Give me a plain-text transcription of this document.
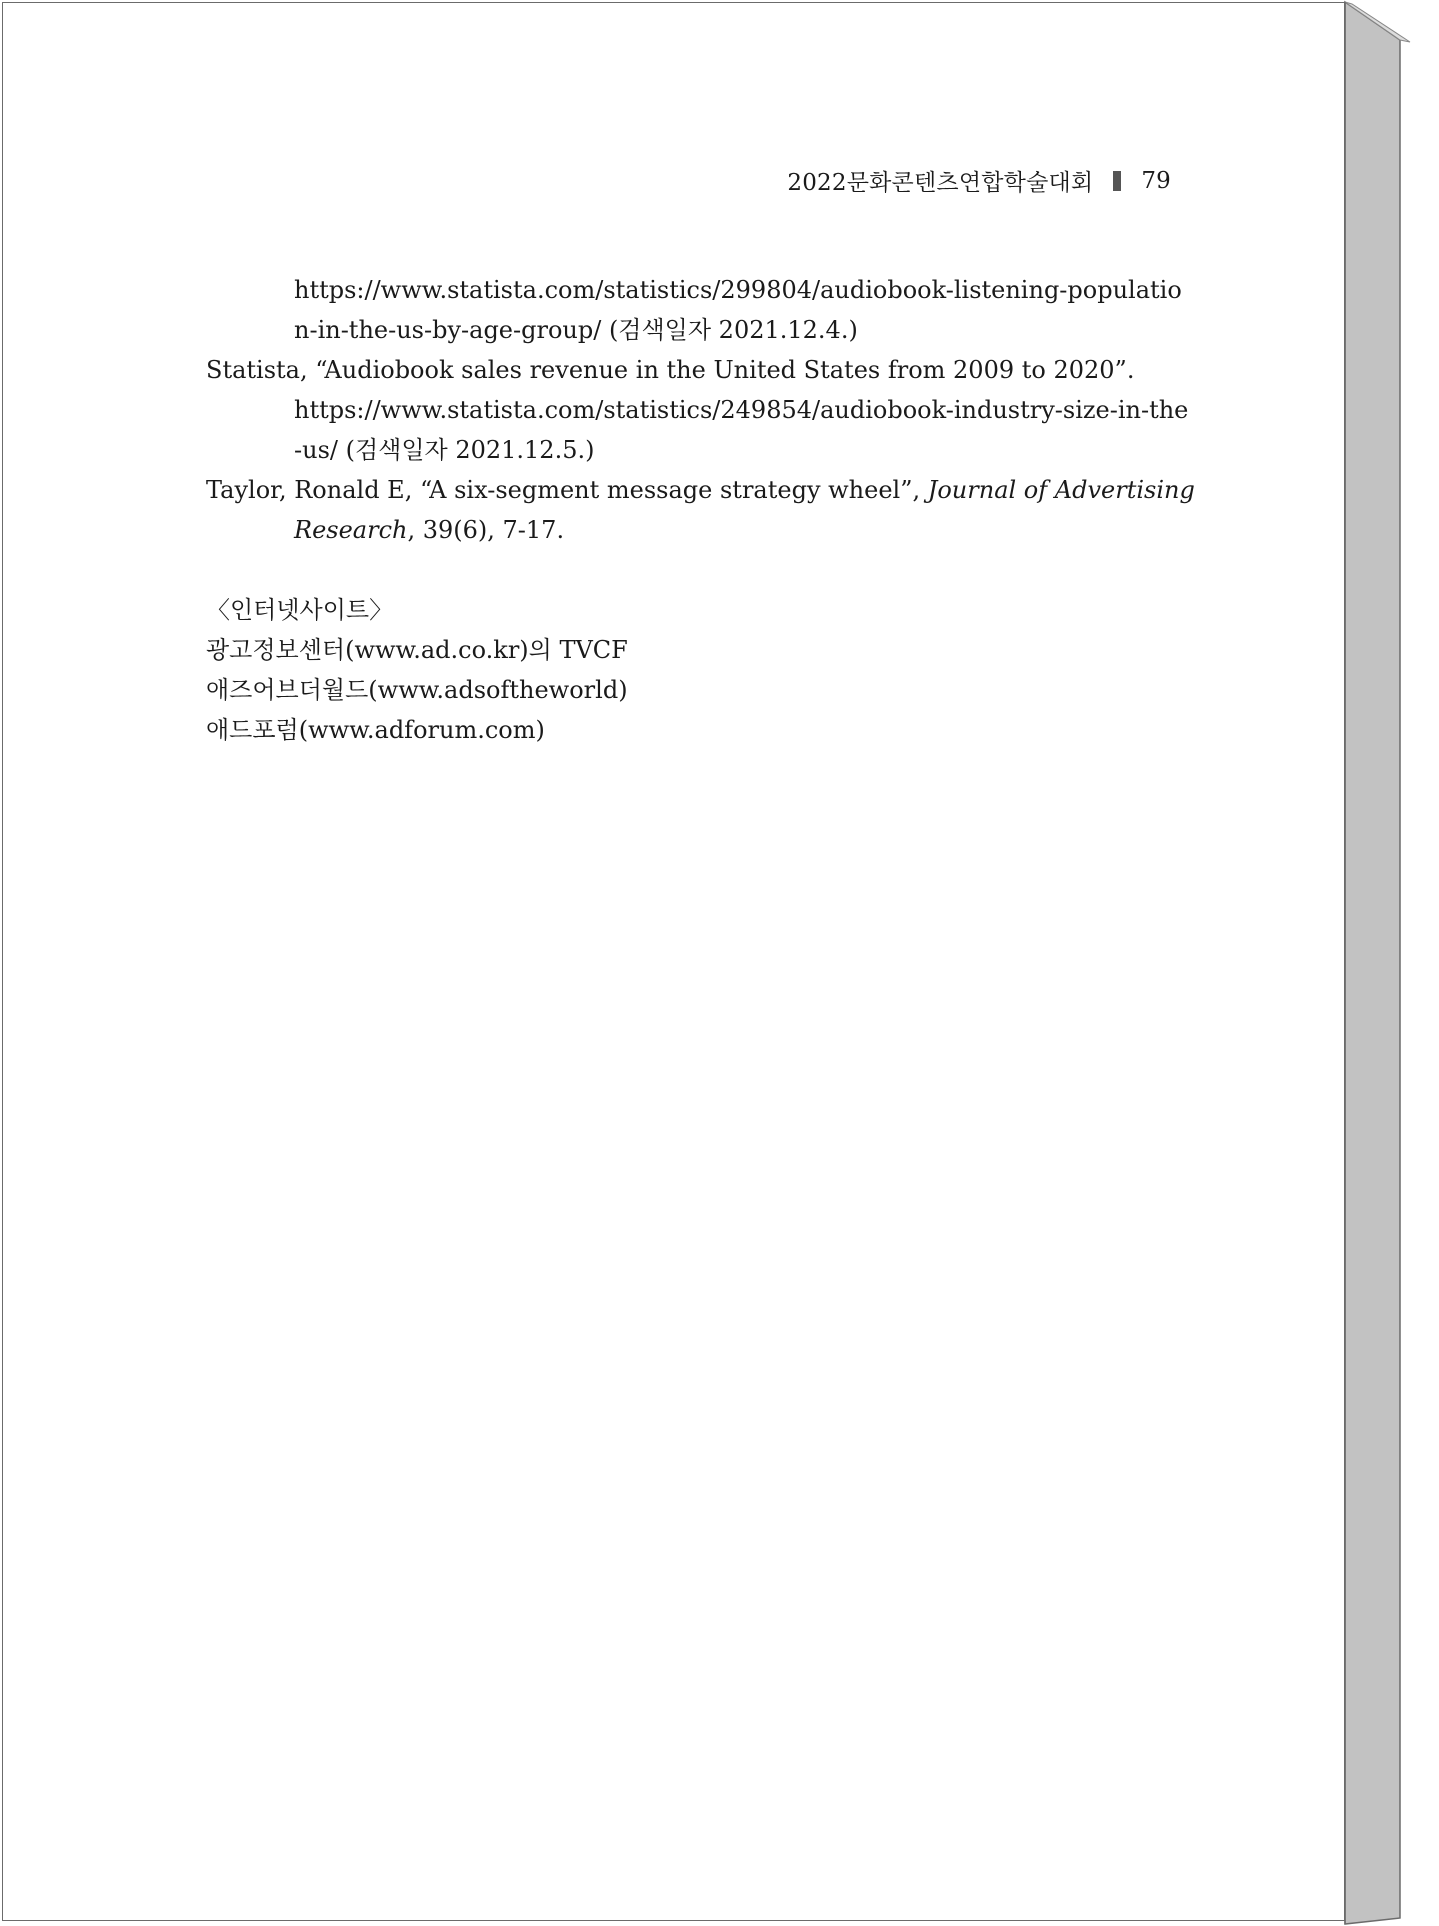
2022문화콘텐츠연합학술대회 79
https://www.statista.com/statistics/299804/audiobook-listening-populatio
n-in-the-us-by-age-group/ (검색일자 2021.12.4.)
Statista, “Audiobook sales revenue in the United States from 2009 to 2020”.
https://www.statista.com/statistics/249854/audiobook-industry-size-in-the
-us/ (검색일자 2021.12.5.)
Taylor, Ronald E, “A six-segment message strategy wheel”, Journal of Advertising
Research, 39(6), 7-17.
〈인터넷사이트〉
광고정보센터(www.ad.co.kr)의 TVCF
애즈어브더월드(www.adsoftheworld)
애드포럼(www.adforum.com)
